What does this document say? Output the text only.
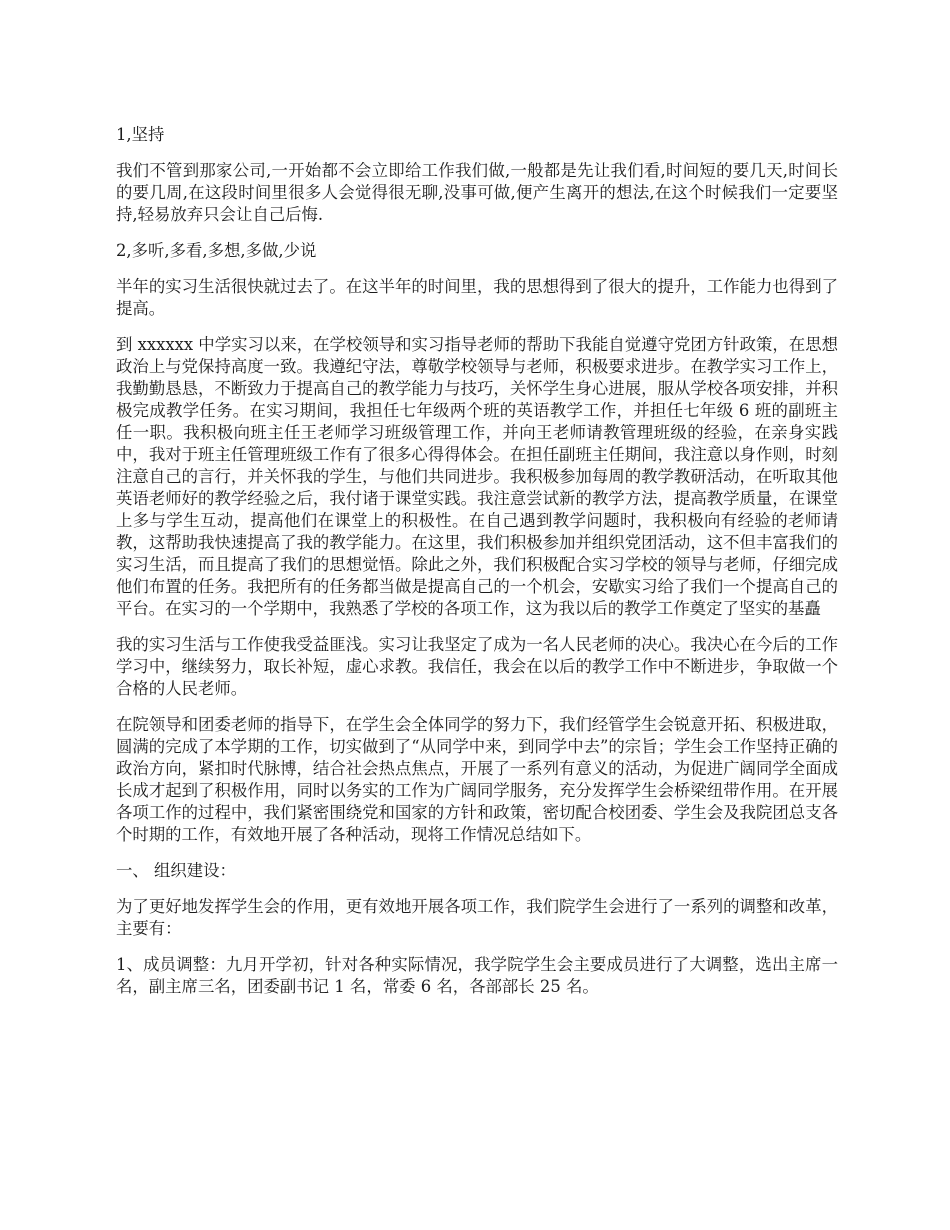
1,坚持

我们不管到那家公司,一开始都不会立即给工作我们做,一般都是先让我们看,时间短的要几天,时间长的要几周,在这段时间里很多人会觉得很无聊,没事可做,便产生离开的想法,在这个时候我们一定要坚持,轻易放弃只会让自己后悔.

2,多听,多看,多想,多做,少说

半年的实习生活很快就过去了。在这半年的时间里，我的思想得到了很大的提升，工作能力也得到了提高。

到 xxxxxx 中学实习以来，在学校领导和实习指导老师的帮助下我能自觉遵守党团方针政策，在思想政治上与党保持高度一致。我遵纪守法，尊敬学校领导与老师，积极要求进步。在教学实习工作上，我勤勤恳恳，不断致力于提高自己的教学能力与技巧，关怀学生身心进展，服从学校各项安排，并积极完成教学任务。在实习期间，我担任七年级两个班的英语教学工作，并担任七年级 6 班的副班主任一职。我积极向班主任王老师学习班级管理工作，并向王老师请教管理班级的经验，在亲身实践中，我对于班主任管理班级工作有了很多心得得体会。在担任副班主任期间，我注意以身作则，时刻注意自己的言行，并关怀我的学生，与他们共同进步。我积极参加每周的教学教研活动，在听取其他英语老师好的教学经验之后，我付诸于课堂实践。我注意尝试新的教学方法，提高教学质量，在课堂上多与学生互动，提高他们在课堂上的积极性。在自己遇到教学问题时，我积极向有经验的老师请教，这帮助我快速提高了我的教学能力。在这里，我们积极参加并组织党团活动，这不但丰富我们的实习生活，而且提高了我们的思想觉悟。除此之外，我们积极配合实习学校的领导与老师，仔细完成他们布置的任务。我把所有的任务都当做是提高自己的一个机会，安歇实习给了我们一个提高自己的平台。在实习的一个学期中，我熟悉了学校的各项工作，这为我以后的教学工作奠定了坚实的基矗

我的实习生活与工作使我受益匪浅。实习让我坚定了成为一名人民老师的决心。我决心在今后的工作学习中，继续努力，取长补短，虚心求教。我信任，我会在以后的教学工作中不断进步，争取做一个合格的人民老师。

在院领导和团委老师的指导下，在学生会全体同学的努力下，我们经管学生会锐意开拓、积极进取，圆满的完成了本学期的工作，切实做到了“从同学中来，到同学中去”的宗旨；学生会工作坚持正确的政治方向，紧扣时代脉博，结合社会热点焦点，开展了一系列有意义的活动，为促进广阔同学全面成长成才起到了积极作用，同时以务实的工作为广阔同学服务，充分发挥学生会桥梁纽带作用。在开展各项工作的过程中，我们紧密围绕党和国家的方针和政策，密切配合校团委、学生会及我院团总支各个时期的工作，有效地开展了各种活动，现将工作情况总结如下。

一、 组织建设：

为了更好地发挥学生会的作用，更有效地开展各项工作，我们院学生会进行了一系列的调整和改革，主要有：

1、成员调整：九月开学初，针对各种实际情况，我学院学生会主要成员进行了大调整，选出主席一名，副主席三名，团委副书记 1 名，常委 6 名，各部部长 25 名。
